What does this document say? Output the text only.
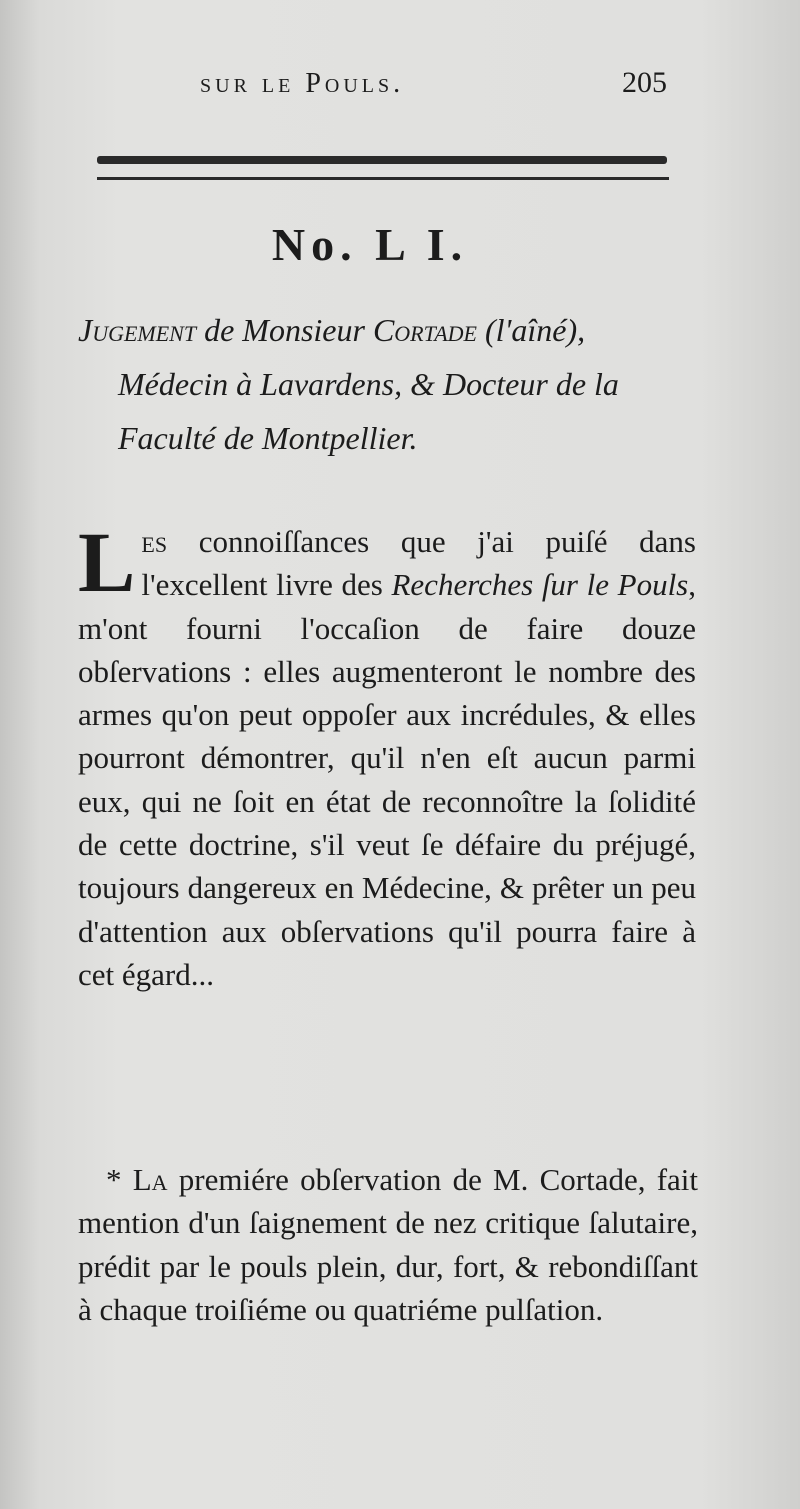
sur le Pouls.	205
No. L I.

Jugement de Monsieur Cortade (l'aîné), Médecin à Lavardens, & Docteur de la Faculté de Montpellier.

Les connoiſſances que j'ai puiſé dans l'excellent livre des Recherches ſur le Pouls, m'ont fourni l'occaſion de faire douze obſervations : elles augmenteront le nombre des armes qu'on peut oppoſer aux incrédules, & elles pourront démontrer, qu'il n'en eſt aucun parmi eux, qui ne ſoit en état de reconnoître la ſolidité de cette doctrine, s'il veut ſe défaire du préjugé, toujours dangereux en Médecine, & prêter un peu d'attention aux obſervations qu'il pourra faire à cet égard...

* La premiére obſervation de M. Cortade, fait mention d'un ſaignement de nez critique ſalutaire, prédit par le pouls plein, dur, fort, & rebondiſſant à chaque troiſiéme ou quatriéme pulſation.
